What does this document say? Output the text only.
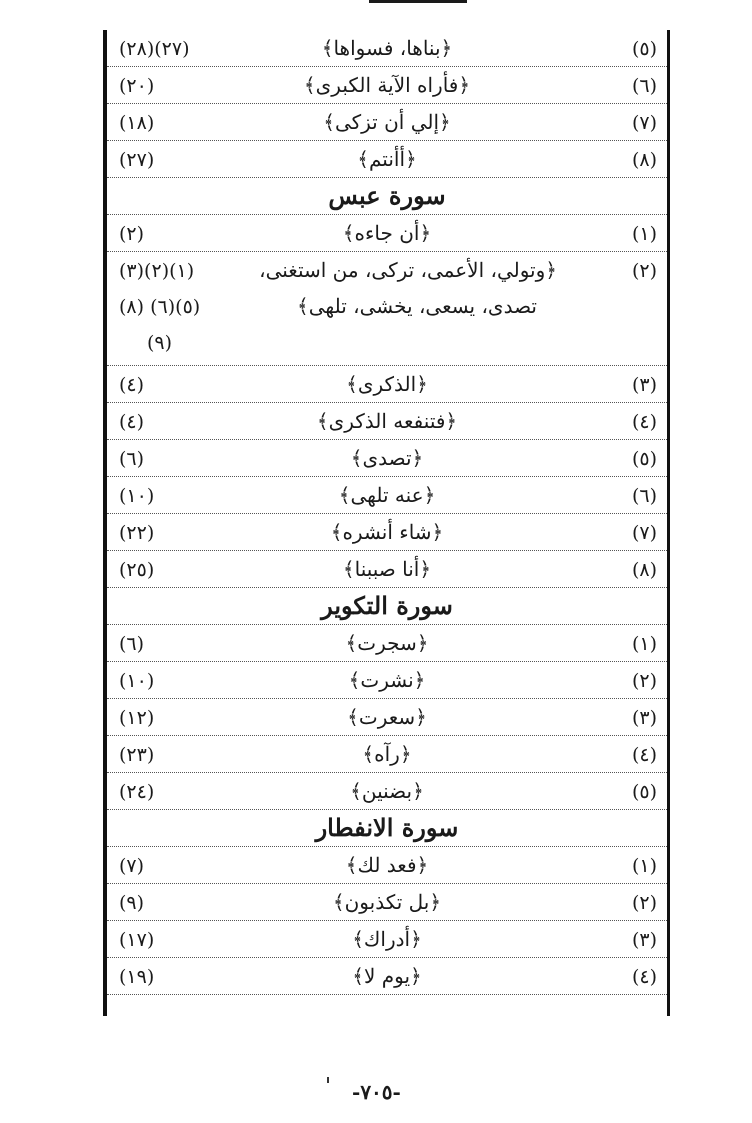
(٥)
﴿بناها، فسواها﴾
(٢٧)(٢٨)
(٦)
﴿فأراه الآية الكبرى﴾
(٢٠)
(٧)
﴿إلي أن تزكى﴾
(١٨)
(٨)
﴿أأنتم﴾
(٢٧)
سورة عبس
(١)
﴿أن جاءه﴾
(٢)
(٢)
﴿وتولي، الأعمى، تركى، من استغنى،
تصدى، يسعى، يخشى، تلهى﴾
(١)(٢)(٣)
(٥)(٦) (٨)
(٩)
(٣)
﴿الذكرى﴾
(٤)
(٤)
﴿فتنفعه الذكرى﴾
(٤)
(٥)
﴿تصدى﴾
(٦)
(٦)
﴿عنه تلهى﴾
(١٠)
(٧)
﴿شاء أنشره﴾
(٢٢)
(٨)
﴿أنا صببنا﴾
(٢٥)
سورة التكوير
(١)
﴿سجرت﴾
(٦)
(٢)
﴿نشرت﴾
(١٠)
(٣)
﴿سعرت﴾
(١٢)
(٤)
﴿رآه﴾
(٢٣)
(٥)
﴿بضنين﴾
(٢٤)
سورة الانفطار
(١)
﴿فعد لك﴾
(٧)
(٢)
﴿بل تكذبون﴾
(٩)
(٣)
﴿أدراك﴾
(١٧)
(٤)
﴿يوم لا﴾
(١٩)
-٧٠٥-
